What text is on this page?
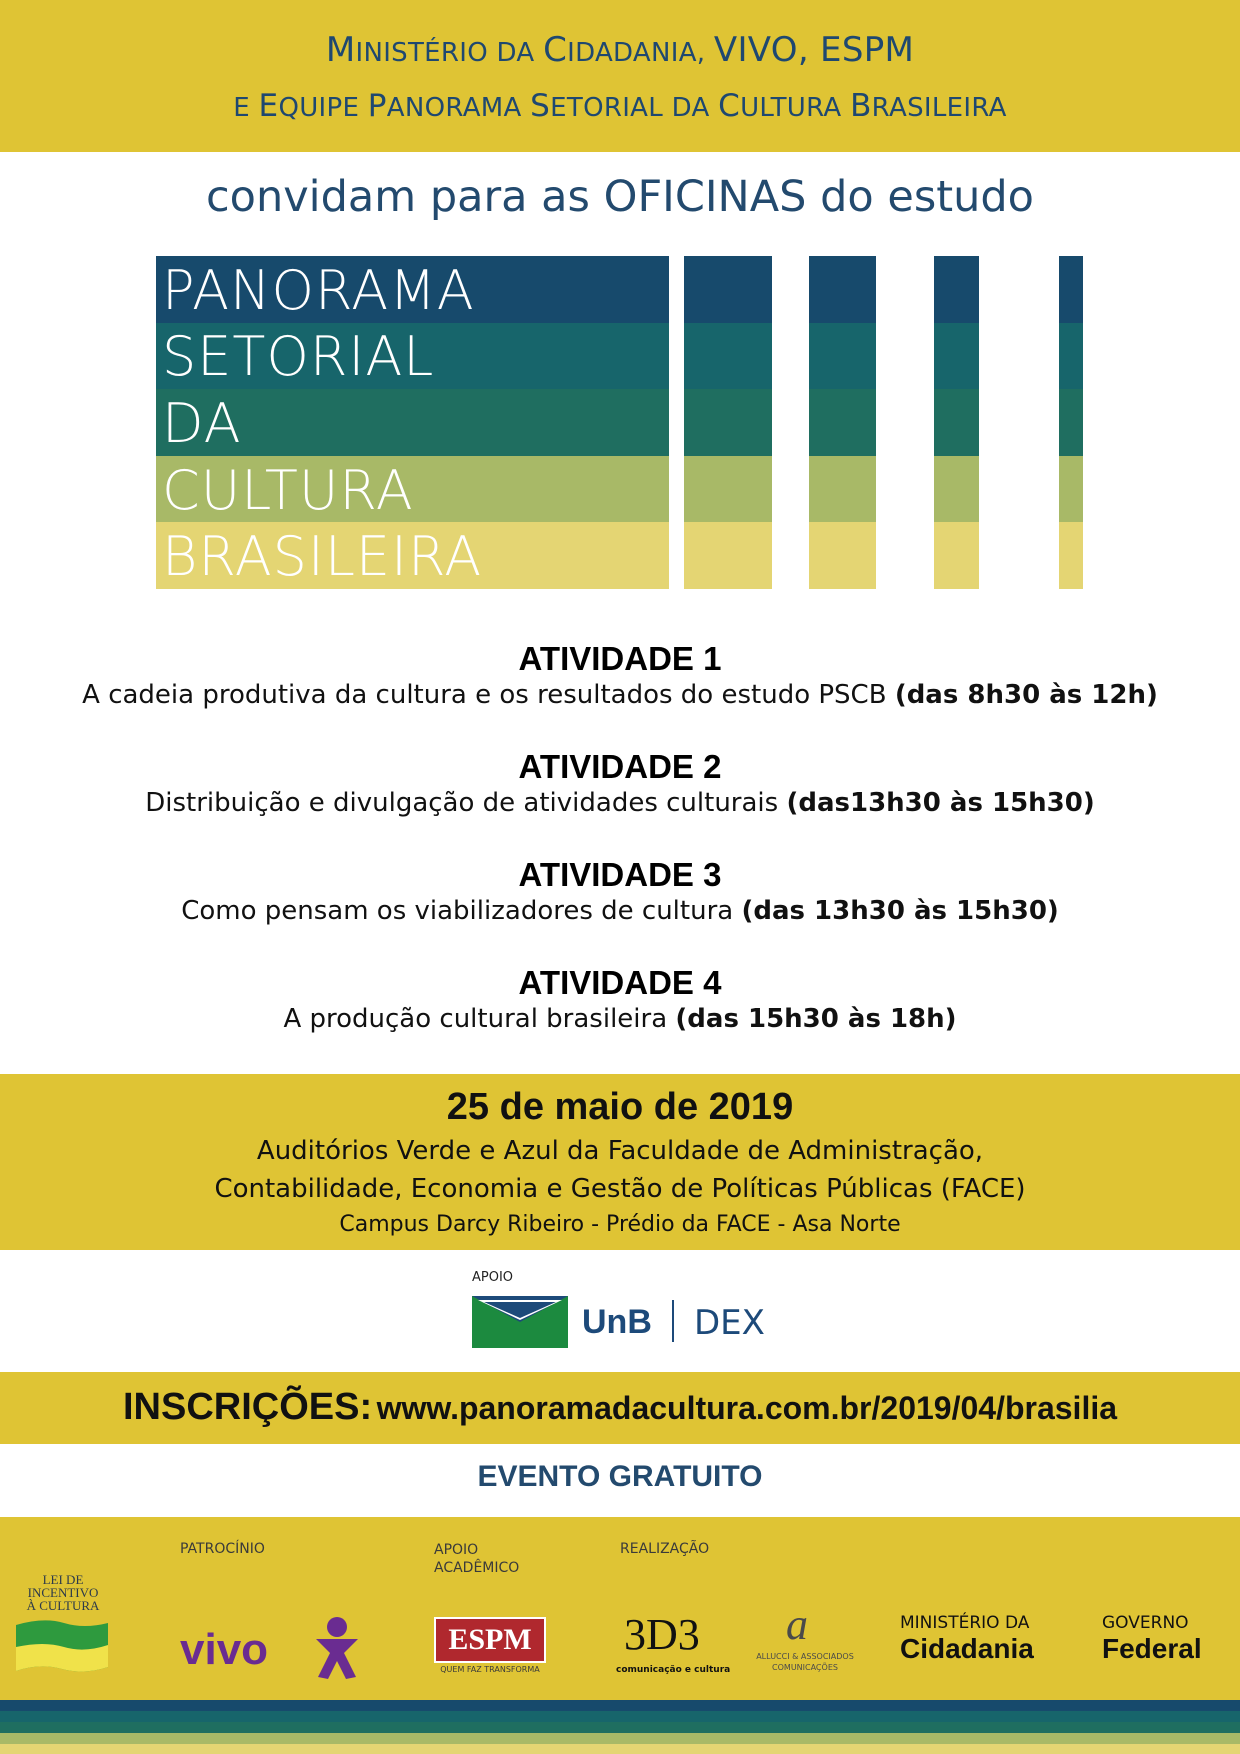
MINISTÉRIO DA CIDADANIA, VIVO, ESPM
E EQUIPE PANORAMA SETORIAL DA CULTURA BRASILEIRA
convidam para as OFICINAS do estudo
PANORAMA
SETORIAL
DA
CULTURA
BRASILEIRA
ATIVIDADE 1
A cadeia produtiva da cultura e os resultados do estudo PSCB (das 8h30 às 12h)
ATIVIDADE 2
Distribuição e divulgação de atividades culturais (das13h30 às 15h30)
ATIVIDADE 3
Como pensam os viabilizadores de cultura (das 13h30 às 15h30)
ATIVIDADE 4
A produção cultural brasileira (das 15h30 às 18h)
25 de maio de 2019
Auditórios Verde e Azul da Faculdade de Administração,
Contabilidade, Economia e Gestão de Políticas Públicas (FACE)
Campus Darcy Ribeiro - Prédio da FACE - Asa Norte
APOIO
UnB DEX
INSCRIÇÕES: www.panoramadacultura.com.br/2019/04/brasilia
EVENTO GRATUITO
LEI DE
INCENTIVO
À CULTURA
PATROCÍNIO	APOIO
ACADÊMICO
REALIZAÇÃO
vivo	ESPM
QUEM FAZ TRANSFORMA
3D3
comunicação e cultura
a
ALLUCCI & ASSOCIADOS
COMUNICAÇÕES
MINISTÉRIO DA
Cidadania
GOVERNO
Federal
